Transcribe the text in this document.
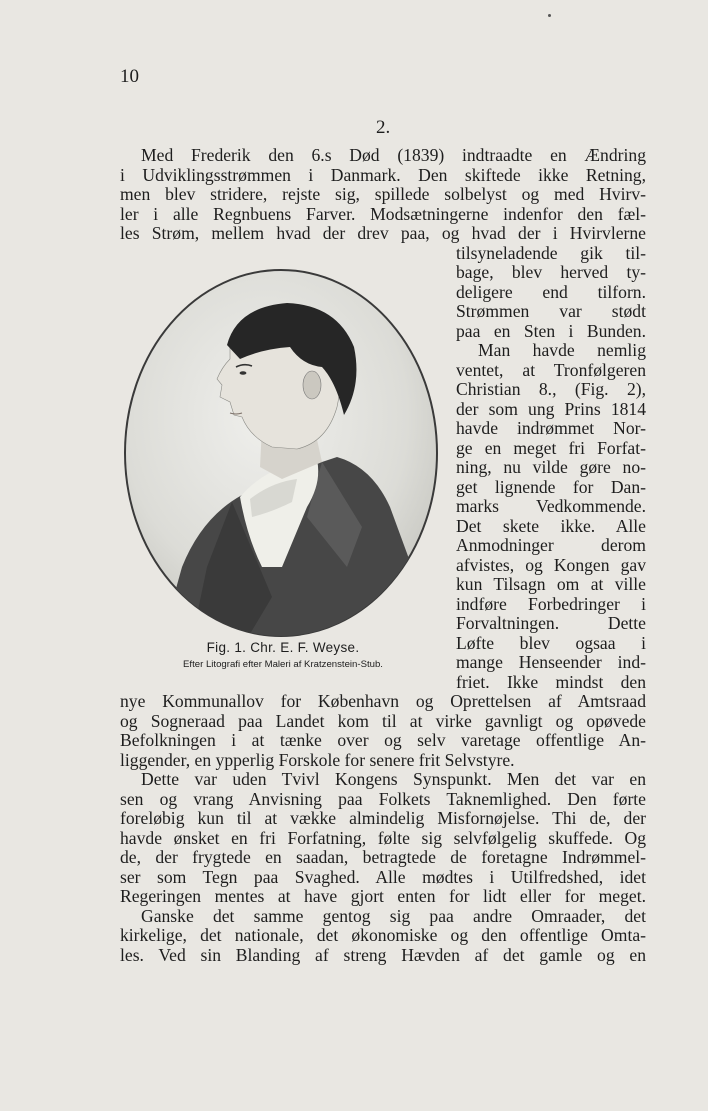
10
2.
Fig. 1. Chr. E. F. Weyse.
Efter Litografi efter Maleri af Kratzenstein-Stub.
Med Frederik den 6.s Død (1839) indtraadte en Ændring
i Udviklingsstrømmen i Danmark. Den skiftede ikke Retning,
men blev stridere, rejste sig, spillede solbelyst og med Hvirv-
ler i alle Regnbuens Farver. Modsætningerne indenfor den fæl-
les Strøm, mellem hvad der drev paa, og hvad der i Hvirvlerne
tilsyneladende gik til-
bage, blev herved ty-
deligere end tilforn.
Strømmen var stødt
paa en Sten i Bunden.
Man havde nemlig
ventet, at Tronfølgeren
Christian 8., (Fig. 2),
der som ung Prins 1814
havde indrømmet Nor-
ge en meget fri Forfat-
ning, nu vilde gøre no-
get lignende for Dan-
marks Vedkommende.
Det skete ikke. Alle
Anmodninger derom
afvistes, og Kongen gav
kun Tilsagn om at ville
indføre Forbedringer i
Forvaltningen. Dette
Løfte blev ogsaa i
mange Henseender ind-
friet. Ikke mindst den
nye Kommunallov for København og Oprettelsen af Amtsraad
og Sogneraad paa Landet kom til at virke gavnligt og opøvede
Befolkningen i at tænke over og selv varetage offentlige An-
liggender, en ypperlig Forskole for senere frit Selvstyre.
Dette var uden Tvivl Kongens Synspunkt. Men det var en
sen og vrang Anvisning paa Folkets Taknemlighed. Den førte
foreløbig kun til at vække almindelig Misfornøjelse. Thi de, der
havde ønsket en fri Forfatning, følte sig selvfølgelig skuffede. Og
de, der frygtede en saadan, betragtede de foretagne Indrømmel-
ser som Tegn paa Svaghed. Alle mødtes i Utilfredshed, idet
Regeringen mentes at have gjort enten for lidt eller for meget.
Ganske det samme gentog sig paa andre Omraader, det
kirkelige, det nationale, det økonomiske og den offentlige Omta-
les. Ved sin Blanding af streng Hævden af det gamle og en
